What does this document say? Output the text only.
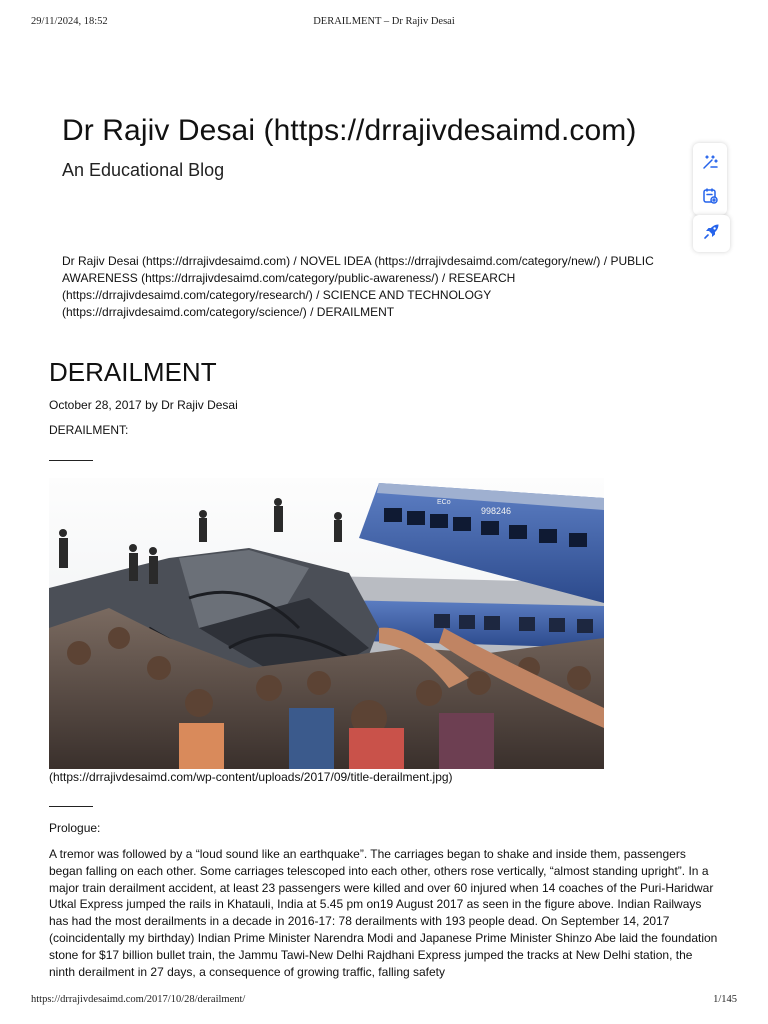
29/11/2024, 18:52	DERAILMENT – Dr Rajiv Desai
Dr Rajiv Desai (https://drrajivdesaimd.com)
An Educational Blog
Dr Rajiv Desai (https://drrajivdesaimd.com) / NOVEL IDEA (https://drrajivdesaimd.com/category/new/) / PUBLIC AWARENESS (https://drrajivdesaimd.com/category/public-awareness/) / RESEARCH (https://drrajivdesaimd.com/category/research/) / SCIENCE AND TECHNOLOGY (https://drrajivdesaimd.com/category/science/) / DERAILMENT
DERAILMENT
October 28, 2017 by Dr Rajiv Desai
DERAILMENT:
998246
ECo
(https://drrajivdesaimd.com/wp-content/uploads/2017/09/title-derailment.jpg)
Prologue:

A tremor was followed by a “loud sound like an earthquake”. The carriages began to shake and inside them, passengers began falling on each other. Some carriages telescoped into each other, others rose vertically, “almost standing upright”. In a major train derailment accident, at least 23 passengers were killed and over 60 injured when 14 coaches of the Puri-Haridwar Utkal Express jumped the rails in Khatauli, India at 5.45 pm on19 August 2017 as seen in the figure above. Indian Railways has had the most derailments in a decade in 2016-17: 78 derailments with 193 people dead. On September 14, 2017 (coincidentally my birthday) Indian Prime Minister Narendra Modi and Japanese Prime Minister Shinzo Abe laid the foundation stone for $17 billion bullet train, the Jammu Tawi-New Delhi Rajdhani Express jumped the tracks at New Delhi station, the ninth derailment in 27 days, a consequence of growing traffic, falling safety

https://drrajivdesaimd.com/2017/10/28/derailment/	1/145
